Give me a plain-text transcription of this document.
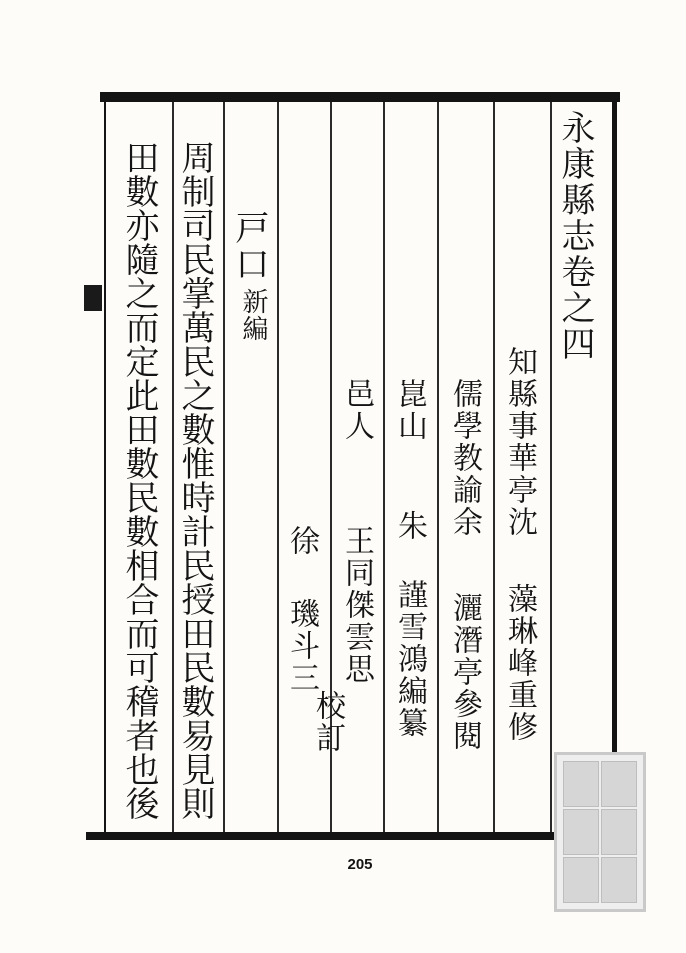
永康縣志卷之四
知縣事華亭沈
藻琳峰重修
儒學教諭余
灑潛亭參閱
崑山
朱 謹雪鴻編纂
邑人
王同傑雲思
徐
璣斗三
校訂
戸口
新編
周制司民掌萬民之數惟時計民授田民數易見則
田數亦隨之而定此田數民數相合而可稽者也後
205
